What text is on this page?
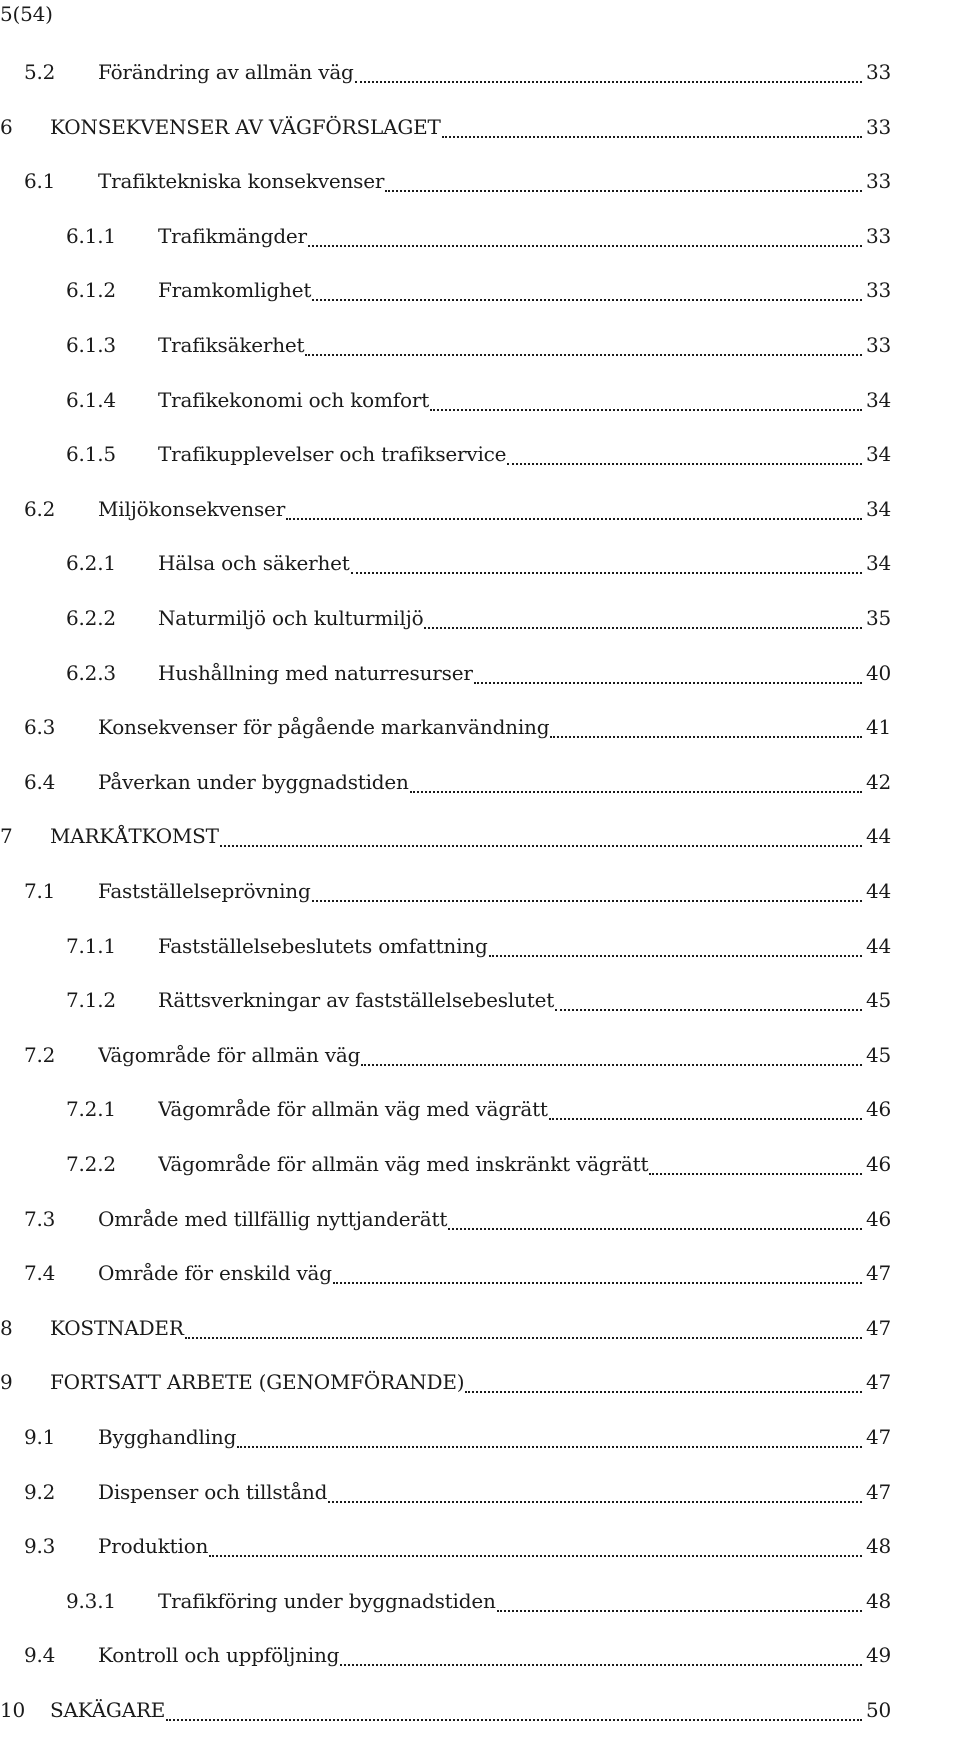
5(54)
5.2 Förändring av allmän väg	33
6 KONSEKVENSER AV VÄGFÖRSLAGET	33
6.1 Trafiktekniska konsekvenser	33
6.1.1 Trafikmängder	33
6.1.2 Framkomlighet	33
6.1.3 Trafiksäkerhet	33
6.1.4 Trafikekonomi och komfort	34
6.1.5 Trafikupplevelser och trafikservice	34
6.2 Miljökonsekvenser	34
6.2.1 Hälsa och säkerhet	34
6.2.2 Naturmiljö och kulturmiljö	35
6.2.3 Hushållning med naturresurser	40
6.3 Konsekvenser för pågående markanvändning	41
6.4 Påverkan under byggnadstiden	42
7 MARKÅTKOMST	44
7.1 Fastställelseprövning	44
7.1.1 Fastställelsebeslutets omfattning	44
7.1.2 Rättsverkningar av fastställelsebeslutet	45
7.2 Vägområde för allmän väg	45
7.2.1 Vägområde för allmän väg med vägrätt	46
7.2.2 Vägområde för allmän väg med inskränkt vägrätt	46
7.3 Område med tillfällig nyttjanderätt	46
7.4 Område för enskild väg	47
8 KOSTNADER	47
9 FORTSATT ARBETE (GENOMFÖRANDE)	47
9.1 Bygghandling	47
9.2 Dispenser och tillstånd	47
9.3 Produktion	48
9.3.1 Trafikföring under byggnadstiden	48
9.4 Kontroll och uppföljning	49
10 SAKÄGARE	50
